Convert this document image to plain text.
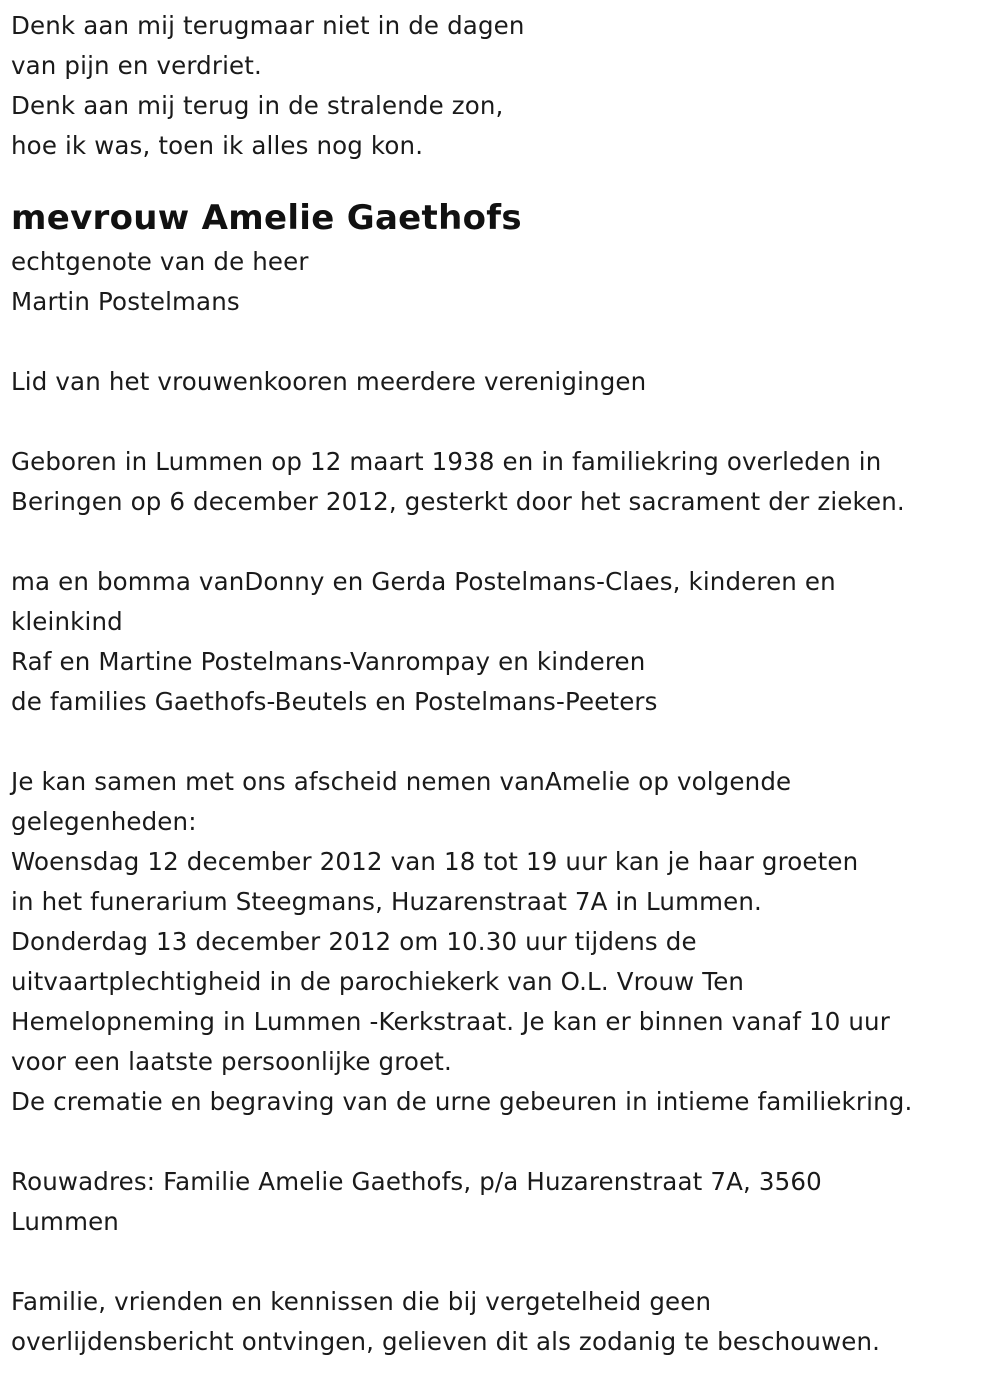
Denk aan mij terugmaar niet in de dagen
van pijn en verdriet.
Denk aan mij terug in de stralende zon,
hoe ik was, toen ik alles nog kon.
mevrouw Amelie Gaethofs
echtgenote van de heer
Martin Postelmans
Lid van het vrouwenkooren meerdere verenigingen
Geboren in Lummen op 12 maart 1938 en in familiekring overleden in
Beringen op 6 december 2012, gesterkt door het sacrament der zieken.
ma en bomma vanDonny en Gerda Postelmans-Claes, kinderen en
kleinkind
Raf en Martine Postelmans-Vanrompay en kinderen
de families Gaethofs-Beutels en Postelmans-Peeters
Je kan samen met ons afscheid nemen vanAmelie op volgende
gelegenheden:
Woensdag 12 december 2012 van 18 tot 19 uur kan je haar groeten
in het funerarium Steegmans, Huzarenstraat 7A in Lummen.
Donderdag 13 december 2012 om 10.30 uur tijdens de
uitvaartplechtigheid in de parochiekerk van O.L. Vrouw Ten
Hemelopneming in Lummen -Kerkstraat. Je kan er binnen vanaf 10 uur
voor een laatste persoonlijke groet.
De crematie en begraving van de urne gebeuren in intieme familiekring.
Rouwadres: Familie Amelie Gaethofs, p/a Huzarenstraat 7A, 3560
Lummen
Familie, vrienden en kennissen die bij vergetelheid geen
overlijdensbericht ontvingen, gelieven dit als zodanig te beschouwen.
